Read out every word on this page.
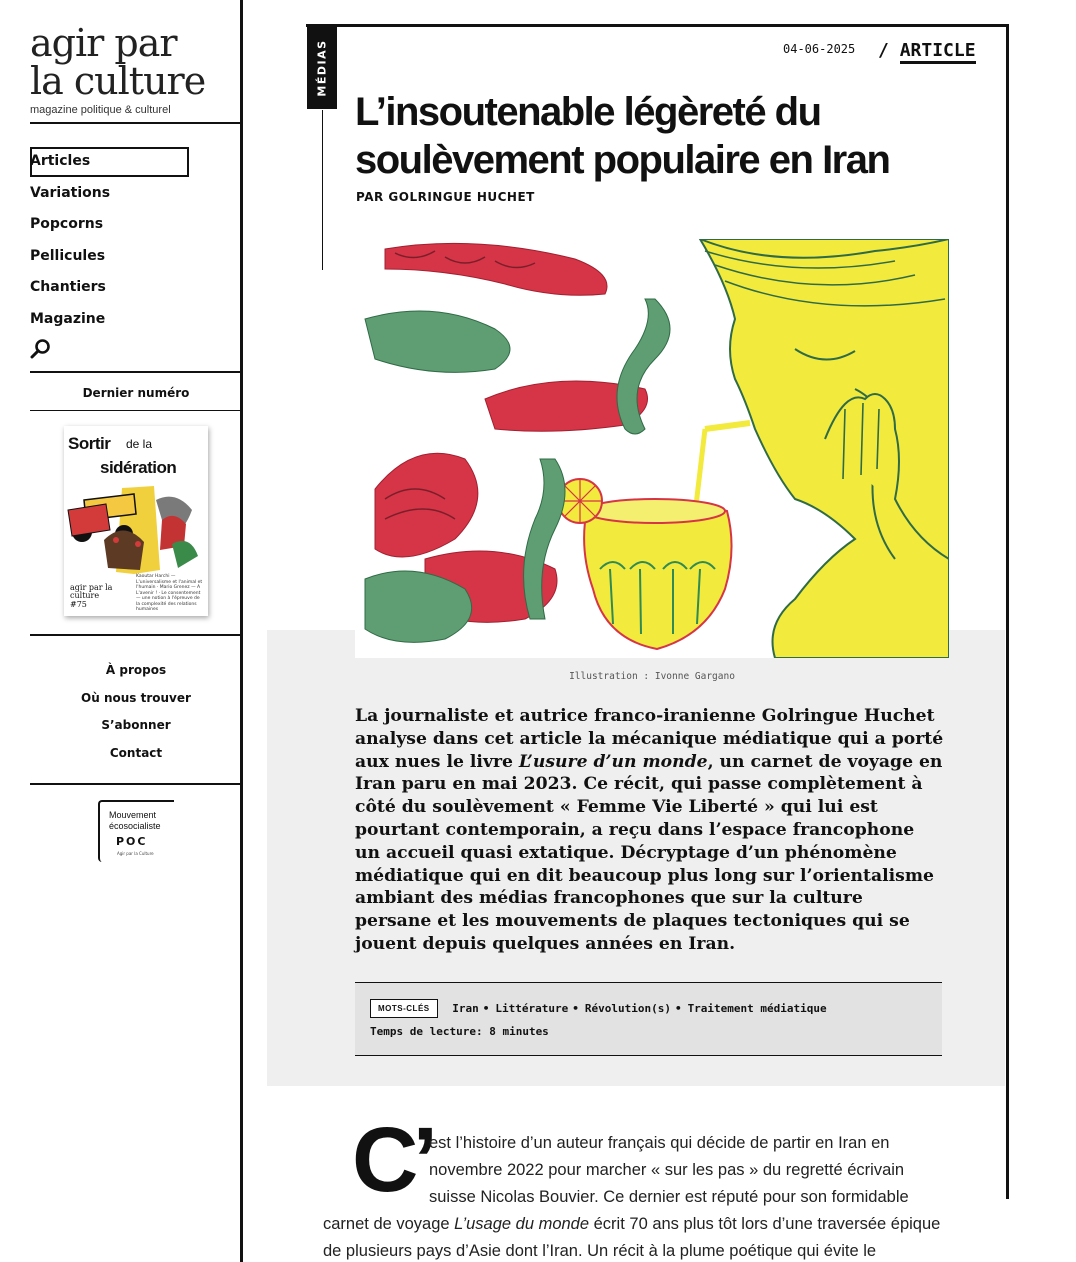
agir par
la culture
magazine politique & culturel
Articles
Variations
Popcorns
Pellicules
Chantiers
Magazine
Dernier numéro
Sortir de la
sidération
agir par la culture
#75
Kaoutar Harchi — L'universalisme et l'animal et l'humain · Mario Grenez — A L'avenir ! · Le consentement — une notion à l'épreuve de la complexité des relations humaines
À propos
Où nous trouver
S’abonner
Contact
Mouvement
écosocialiste
POC
Agir par la Culture
MÉDIAS	04-06-2025 / ARTICLE
L’insoutenable légèreté du soulèvement populaire en Iran
PAR GOLRINGUE HUCHET
Illustration : Ivonne Gargano

La journaliste et autrice franco-iranienne Golringue Huchet analyse dans cet article la mécanique médiatique qui a porté aux nues le livre L’usure d’un monde, un carnet de voyage en Iran paru en mai 2023. Ce récit, qui passe complètement à côté du soulèvement « Femme Vie Liberté » qui lui est pourtant contemporain, a reçu dans l’espace francophone un accueil quasi extatique. Décryptage d’un phénomène médiatique qui en dit beaucoup plus long sur l’orientalisme ambiant des médias francophones que sur la culture persane et les mouvements de plaques tectoniques qui se jouent depuis quelques années en Iran.

MOTS-CLÉS Iran • Littérature • Révolution(s) • Traitement médiatique
Temps de lecture: 8 minutes
C’

est l’histoire d’un auteur français qui décide de partir en Iran en novembre 2022 pour marcher « sur les pas » du regretté écrivain suisse Nicolas Bouvier. Ce dernier est réputé pour son formidable

carnet de voyage L’usage du monde écrit 70 ans plus tôt lors d’une traversée épique de plusieurs pays d’Asie dont l’Iran. Un récit à la plume poétique qui évite le
